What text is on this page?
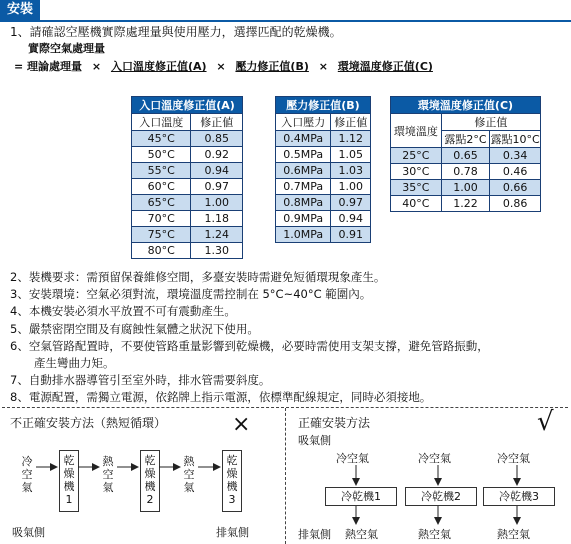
安裝
1、請確認空壓機實際處理量與使用壓力，選擇匹配的乾燥機。
實際空氣處理量
= 理論處理量 × 入口溫度修正值(A) × 壓力修正值(B) × 環境溫度修正值(C)
入口溫度修正值(A)	
入口溫度	修正値
45°C	0.85
50°C	0.92
55°C	0.94
60°C	0.97
65°C	1.00
70°C	1.18
75°C	1.24
80°C	1.30
壓力修正值(B)	
入口壓力	修正値
0.4MPa	1.12
0.5MPa	1.05
0.6MPa	1.03
0.7MPa	1.00
0.8MPa	0.97
0.9MPa	0.94
1.0MPa	0.91
環境溫度修正值(C)		
環境溫度	修正值	
	露點2°C	露點10°C
25°C	0.65	0.34
30°C	0.78	0.46
35°C	1.00	0.66
40°C	1.22	0.86
2、裝機要求：需預留保養維修空間，多臺安裝時需避免短循環現象產生。
3、安裝環境：空氣必須對流，環境溫度需控制在 5°C~40°C 範圍內。
4、本機安裝必須水平放置不可有震動產生。
5、嚴禁密閉空間及有腐蝕性氣體之狀況下使用。
6、空氣管路配置時，不要使管路重量影響到乾燥機，必要時需使用支架支撐，避免管路振動，
產生彎曲力矩。
7、自動排水器導管引至室外時，排水管需要斜度。
8、電源配置，需獨立電源，依銘牌上指示電源，依標準配線規定，同時必須接地。
不正確安裝方法（熱短循環）	×
冷
空
氣
乾
燥
機
1
熱
空
氣
乾
燥
機
2
熱
空
氣
乾
燥
機
3
吸氣側	排氣側
正確安裝方法	√
吸氣側
冷空氣	冷空氣	冷空氣
冷乾機1	冷乾機2	冷乾機3
排氣側 熱空氣	熱空氣	熱空氣
